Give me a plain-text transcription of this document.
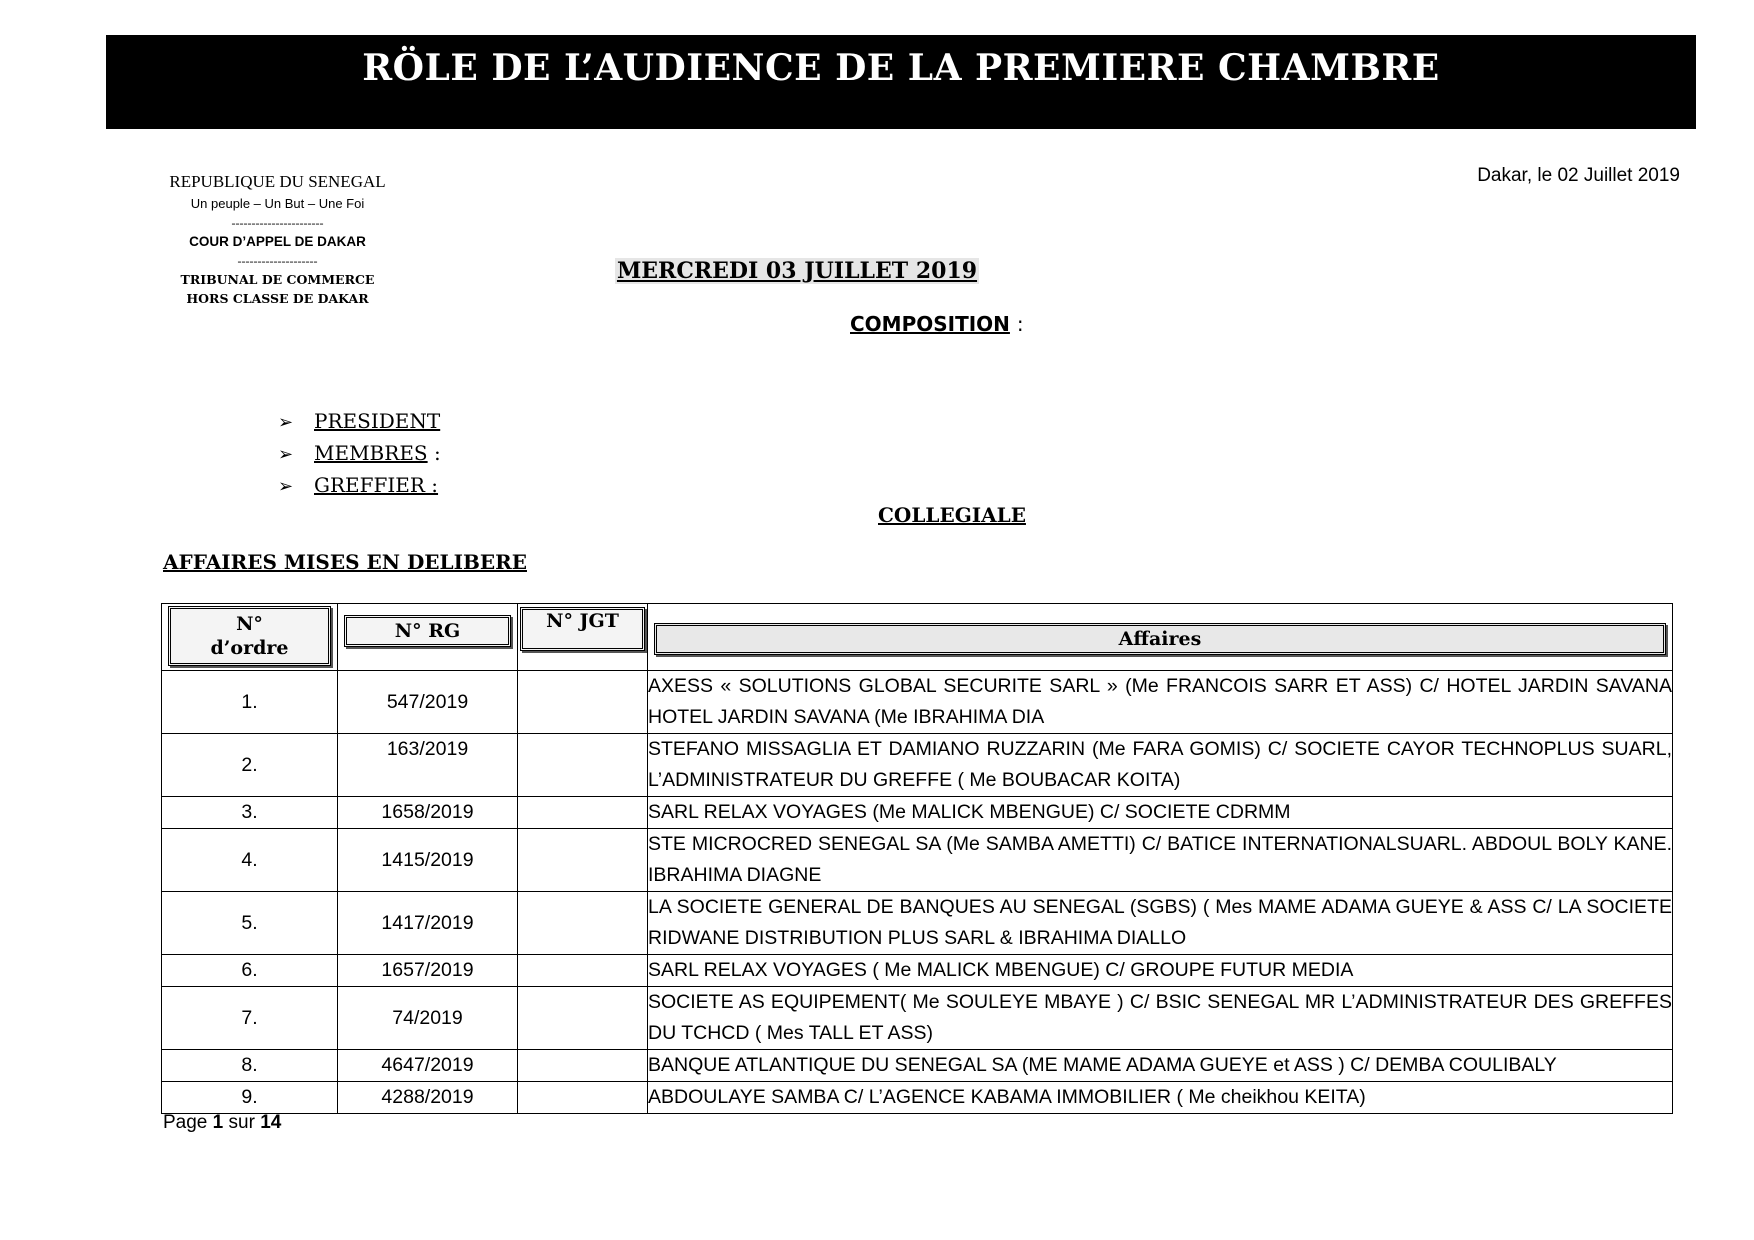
RÖLE DE L’AUDIENCE DE LA PREMIERE CHAMBRE
REPUBLIQUE DU SENEGAL
Un peuple – Un But – Une Foi
-----------------------
COUR D’APPEL DE DAKAR
--------------------
TRIBUNAL DE COMMERCE
HORS CLASSE DE DAKAR
Dakar, le 02 Juillet 2019
MERCREDI 03 JUILLET 2019
COMPOSITION :
➢ PRESIDENT
➢ MEMBRES :
➢ GREFFIER :
COLLEGIALE
AFFAIRES MISES EN DELIBERE
N°
d’ordre	N° RG	N° JGT	Affaires

1.	547/2019		AXESS « SOLUTIONS GLOBAL SECURITE SARL » (Me FRANCOIS SARR ET ASS) C/ HOTEL JARDIN SAVANA HOTEL JARDIN SAVANA (Me IBRAHIMA DIA
2.	163/2019		STEFANO MISSAGLIA ET DAMIANO RUZZARIN (Me FARA GOMIS) C/ SOCIETE CAYOR TECHNOPLUS SUARL, L’ADMINISTRATEUR DU GREFFE ( Me BOUBACAR KOITA)
3.	1658/2019		SARL RELAX VOYAGES (Me MALICK MBENGUE) C/ SOCIETE CDRMM
4.	1415/2019		STE MICROCRED SENEGAL SA (Me SAMBA AMETTI) C/ BATICE INTERNATIONALSUARL. ABDOUL BOLY KANE. IBRAHIMA DIAGNE
5.	1417/2019		LA SOCIETE GENERAL DE BANQUES AU SENEGAL (SGBS) ( Mes MAME ADAMA GUEYE & ASS C/ LA SOCIETE RIDWANE DISTRIBUTION PLUS SARL & IBRAHIMA DIALLO
6.	1657/2019		SARL RELAX VOYAGES ( Me MALICK MBENGUE) C/ GROUPE FUTUR MEDIA
7.	74/2019		SOCIETE AS EQUIPEMENT( Me SOULEYE MBAYE ) C/ BSIC SENEGAL MR L’ADMINISTRATEUR DES GREFFES DU TCHCD ( Mes TALL ET ASS)
8.	4647/2019		BANQUE ATLANTIQUE DU SENEGAL SA (ME MAME ADAMA GUEYE et ASS ) C/ DEMBA COULIBALY
9.	4288/2019		ABDOULAYE SAMBA C/ L’AGENCE KABAMA IMMOBILIER ( Me cheikhou KEITA)
Page 1 sur 14
